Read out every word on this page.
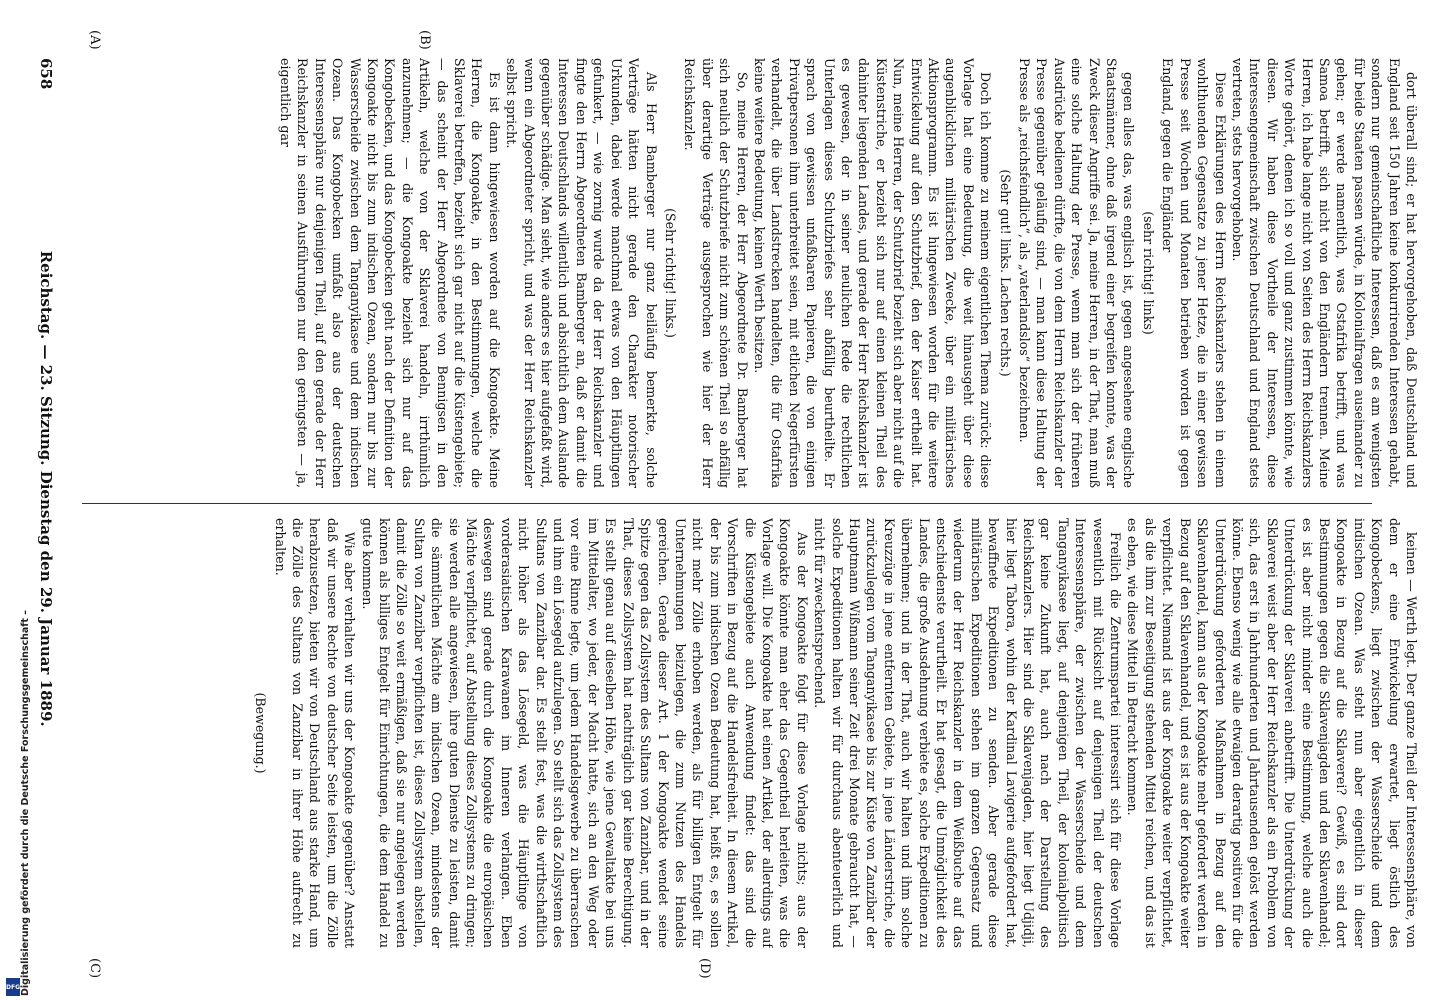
658
Reichstag. — 23. Sitzung. Dienstag den 29. Januar 1889.
(A)	(B)
(C)	(D)

dort überall sind; er hat hervorgehoben, daß Deutschland und England seit 150 Jahren keine konkurrirenden Interessen gehabt, sondern nur gemeinschaftliche Interessen, daß es am wenigsten für beide Staaten passen würde, in Kolonialfragen auseinander zu gehen; er werde namentlich, was Ostafrika betrifft, und was Samoa betrifft, sich nicht von den Engländern trennen. Meine Herren, ich habe lange nicht von Seiten des Herrn Reichskanzlers Worte gehört, denen ich so voll und ganz zustimmen könnte, wie diesen. Wir haben diese Vortheile der Interessen, diese Interessengemeinschaft zwischen Deutschland und England stets vertreten, stets hervorgehoben.

Diese Erklärungen des Herrn Reichskanzlers stehen in einem wohlthuenden Gegensatze zu jener Hetze, die in einer gewissen Presse seit Wochen und Monaten betrieben worden ist gegen England, gegen die Engländer

(sehr richtig! links)

gegen alles das, was englisch ist, gegen angesehene englische Staatsmänner, ohne daß irgend einer begreifen konnte, was der Zweck dieser Angriffe sei. Ja, meine Herren, in der That, man muß eine solche Haltung der Presse, wenn man sich der früheren Ausdrücke bedienen dürfte, die von dem Herrn Reichskanzler der Presse gegenüber geläufig sind, — man kann diese Haltung der Presse als „reichsfeindlich“, als „vaterlandslos“ bezeichnen.

(Sehr gut! links. Lachen rechts.)

Doch ich komme zu meinem eigentlichen Thema zurück: diese Vorlage hat eine Bedeutung, die weit hinausgeht über diese augenblicklichen militärischen Zwecke, über ein militärisches Aktionsprogramm. Es ist hingewiesen worden für die weitere Entwickelung auf den Schutzbrief, den der Kaiser ertheilt hat. Nun, meine Herren, der Schutzbrief bezieht sich aber nicht auf die Küstenstriche, er bezieht sich nur auf einen kleinen Theil des dahinter liegenden Landes, und gerade der Herr Reichskanzler ist es gewesen, der in seiner neulichen Rede die rechtlichen Unterlagen dieses Schutzbriefes sehr abfällig beurtheilte. Er sprach von gewissen unfaßbaren Papieren, die von einigen Privatpersonen ihm unterbreitet seien, mit etlichen Negerfürsten verhandelt, die über Landstrecken handelten, die für Ostafrika keine weitere Bedeutung, keinen Werth besitzen.

So, meine Herren, der Herr Abgeordnete Dr. Bamberger hat sich neulich der Schutzbriefe nicht zum schönen Theil so abfällig über derartige Verträge ausgesprochen wie hier der Herr Reichskanzler.

(Sehr richtig! links.)

Als Herr Bamberger nur ganz beiläufig bemerkte, solche Verträge hätten nicht gerade den Charakter notorischer Urkunden, dabei werde manchmal etwas von den Häuptlingen gefunkert, — wie zornig wurde da der Herr Reichskanzler und fingte den Herrn Abgeordneten Bamberger an, daß er damit die Interessen Deutschlands willentlich und absichtlich dem Auslande gegenüber schädige. Man sieht, wie anders es hier aufgefaßt wird, wenn ein Abgeordneter spricht, und was der Herr Reichskanzler selbst spricht.

Es ist dann hingewiesen worden auf die Kongoakte. Meine Herren, die Kongoakte, in den Bestimmungen, welche die Sklaverei betreffen, bezieht sich gar nicht auf die Küstengebiete; — das scheint der Herr Abgeordnete von Bennigsen in den Artikeln, welche von der Sklaverei handeln, irrthümlich anzunehmen; — die Kongoakte bezieht sich nur auf das Kongobecken, und das Kongobecken geht nach der Definition der Kongoakte nicht bis zum indischen Ozean, sondern nur bis zur Wasserscheide zwischen dem Tanganyikasee und dem indischen Ozean. Das Kongobecken umfaßt also aus der deutschen Interessensphäre nur denjenigen Theil, auf den gerade der Herr Reichskanzler in seinen Ausführungen nur den geringsten — ja, eigentlich gar

keinen — Werth legt. Der ganze Theil der Interessensphäre, von dem er eine Entwickelung erwartet, liegt östlich des Kongobeckens, liegt zwischen der Wasserscheide und dem indischen Ozean. Was steht nun aber eigentlich in dieser Kongoakte in Bezug auf die Sklaverei? Gewiß, es sind dort Bestimmungen gegen die Sklavenjagden und den Sklavenhandel; es ist aber nicht minder eine Bestimmung, welche auch die Unterdrückung der Sklaverei anbetrifft. Die Unterdrückung der Sklaverei weist aber der Herr Reichskanzler als ein Problem von sich, das erst in Jahrhunderten und Jahrtausenden gelöst werden könne. Ebenso wenig wie alle etwaigen derartig positiven für die Unterdrückung geforderten Maßnahmen in Bezug auf den Sklavenhandel, kann aus der Kongoakte mehr gefordert werden in Bezug auf den Sklavenhandel, und es ist aus der Kongoakte weiter verpflichtet. Niemand ist aus der Kongoakte weiter verpflichtet, als die ihm zur Beseitigung stehenden Mittel reichen, und das ist es eben, wie diese Mittel in Betracht kommen.

Freilich die Zentrumspartei interessirt sich für diese Vorlage wesentlich mit Rücksicht auf denjenigen Theil der deutschen Interessensphäre, der zwischen der Wasserscheide und dem Tanganyikasee liegt, auf denjenigen Theil, der kolonialpolitisch gar keine Zukunft hat, auch nach der Darstellung des Reichskanzlers. Hier sind die Sklavenjagden, hier liegt Udjidji, hier liegt Tabora, wohin der Kardinal Lavigerie aufgefordert hat, bewaffnete Expeditionen zu senden. Aber gerade diese militärischen Expeditionen stehen im ganzen Gegensatz und wiederum der Herr Reichskanzler in dem Weißbuche auf das entschiedenste verurtheilt. Er hat gesagt, die Unmöglichkeit des Landes, die große Ausdehnung verbiete es, solche Expeditionen zu übernehmen; und in der That, auch wir halten und ihm solche Kreuzzüge in jene entfernten Gebiete, in jene Länderstriche, die zurückzulegen vom Tanganyikasee bis zur Küste von Zanzibar der Hauptmann Wißmann seiner Zeit drei Monate gebraucht hat, — solche Expeditionen halten wir für durchaus abenteuerlich und nicht für zweckentsprechend.

Aus der Kongoakte folgt für diese Vorlage nichts; aus der Kongoakte könnte man eher das Gegentheil herleiten, was die Vorlage will. Die Kongoakte hat einen Artikel, der allerdings auf die Küstengebiete auch Anwendung findet: das sind die Vorschriften in Bezug auf die Handelsfreiheit. In diesem Artikel, der bis zum indischen Ozean Bedeutung hat, heißt es, es sollen nicht mehr Zölle erhoben werden, als für billigen Entgelt für Unternehmungen beizulegen, die zum Nutzen des Handels gereichen. Gerade dieser Art. 1 der Kongoakte wendet seine Spitze gegen das Zollsystem des Sultans von Zanzibar, und in der That, dieses Zollsystem hat nachträglich gar keine Berechtigung. Es stellt genau auf dieselben Höhe, wie jene Gewaltakte bei uns im Mittelalter, wo jeder, der Macht hatte, sich an den Weg oder vor eine Rinne legte, um jedem Handelsgewerbe zu überraschen und ihm ein Lösegeld aufzulegen. So stellt sich das Zollsystem des Sultans von Zanzibar dar. Es stellt fest, was die wirthschaftlich nicht höher als das Lösegeld, was die Häuptlinge von vorderasiatischen Karawanen im Inneren verlangen. Eben deswegen sind gerade durch die Kongoakte die europäischen Mächte verpflichtet, auf Abstellung dieses Zollsystems zu dringen; sie werden alle angewiesen, ihre guten Dienste zu leisten, damit die sämmtlichen Mächte am indischen Ozean, mindestens der Sultan von Zanzibar verpflichten ist, dieses Zollsystem abstellen, damit die Zölle so weit ermäßigen, daß sie nur angelegen werden können als billiges Entgelt für Einrichtungen, die dem Handel zu gute kommen.

Wie aber verhalten wir uns der Kongoakte gegenüber? Anstatt daß wir unsere Rechte von deutscher Seite leisten, um die Zölle herabzusetzen, bieten wir von Deutschland aus starke Hand, um die Zölle des Sultans von Zanzibar in ihrer Höhe aufrecht zu erhalten.

(Bewegung.)

Digitalisierung gefördert durch die Deutsche Forschungsgemeinschaft –
DFG
